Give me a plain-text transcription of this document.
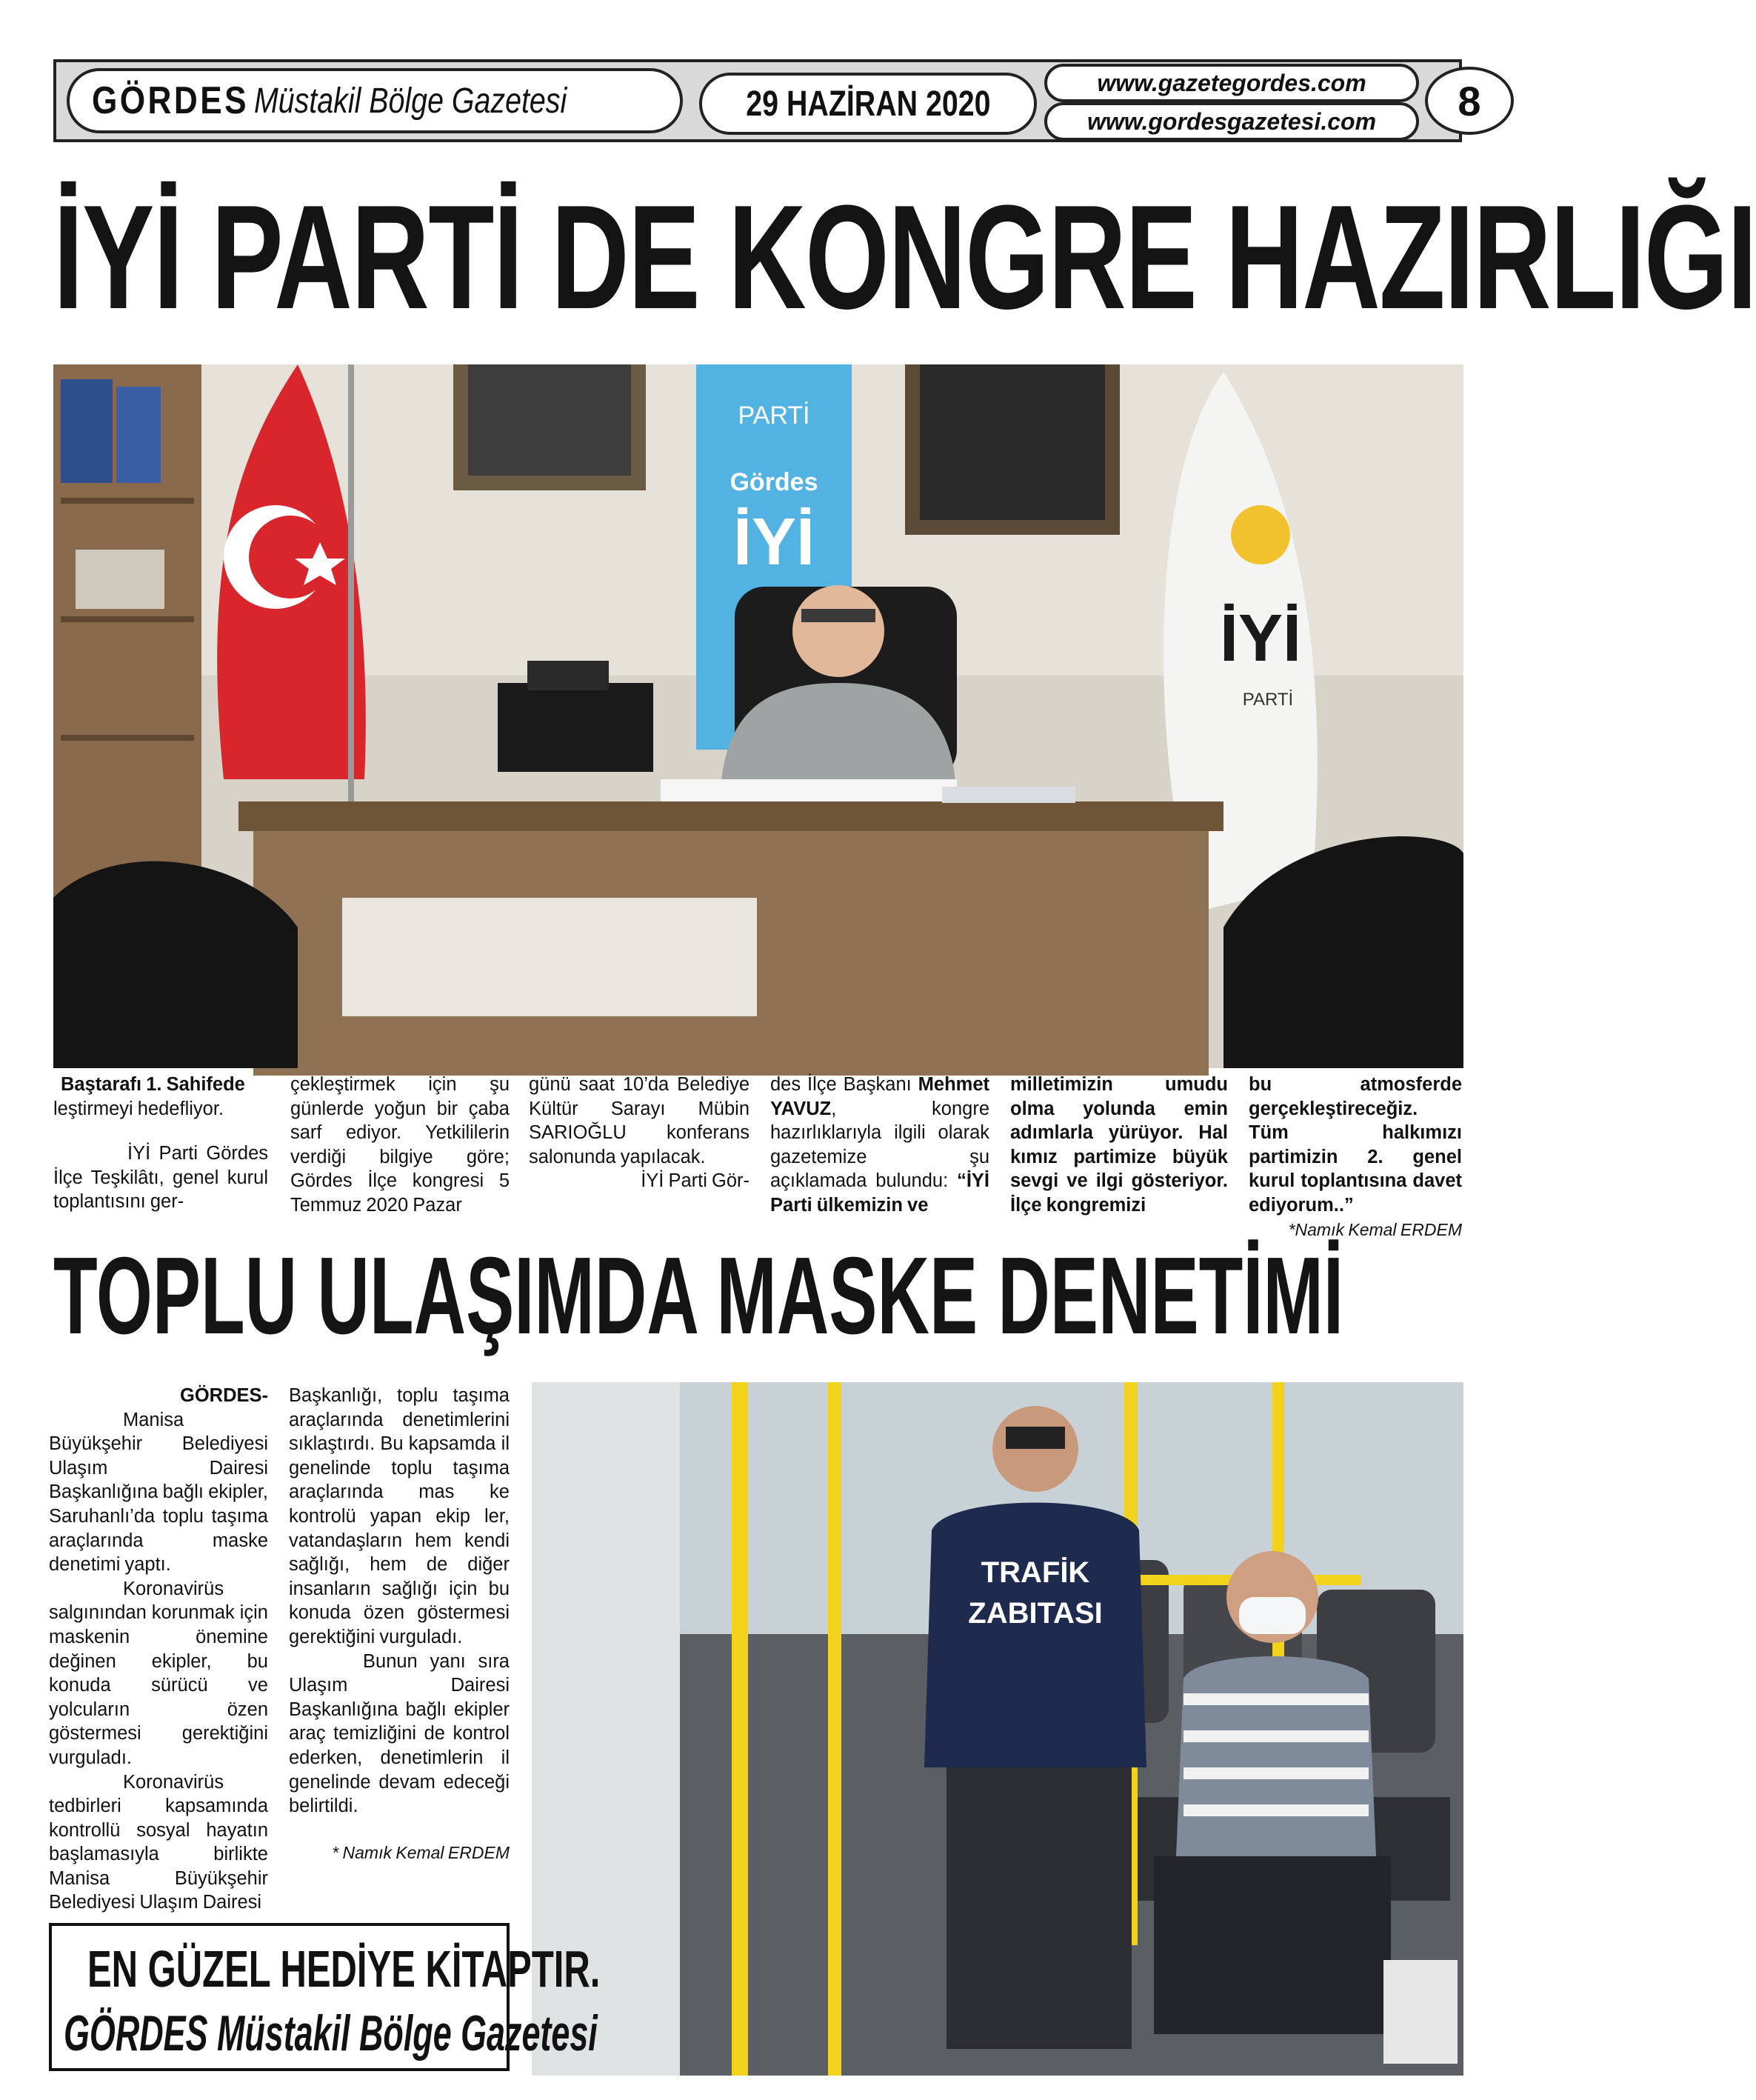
GÖRDES Müstakil Bölge Gazetesi	29 HAZİRAN 2020
www.gazetegordes.com
www.gordesgazetesi.com 8
İYİ PARTİ DE KONGRE HAZIRLIĞI
PARTİ
Gördes
İYİ
İYİ
PARTİ

Baştarafı 1. Sahifede

leştirmeyi hedefliyor.

İYİ Parti Gördes İlçe Teşkilâtı, genel kurul toplantısını ger-

çekleştirmek için şu günlerde yoğun bir çaba sarf ediyor. Yetkililerin verdiği bilgiye göre; Gördes İlçe kongresi 5 Temmuz 2020 Pazar

günü saat 10’da Belediye Kültür Sarayı Mübin SARIOĞLU konferans salonunda yapılacak.

İYİ Parti Gör-

des İlçe Başkanı Mehmet YAVUZ, kongre hazırlıklarıyla ilgili olarak gazetemize şu açıklamada bulundu: “İYİ Parti ülkemizin ve

milletimizin umudu olma yolunda emin adımlarla yürüyor. Hal kımız partimize büyük sevgi ve ilgi gösteriyor. İlçe kongremizi

bu atmosferde gerçekleştireceğiz. Tüm halkımızı partimizin 2. genel kurul toplantısına davet ediyorum..”

*Namık Kemal ERDEM

TOPLU ULAŞIMDA MASKE DENETİMİ

GÖRDES-

Manisa Büyükşehir Belediyesi Ulaşım Dairesi Başkanlığına bağlı ekipler, Saruhanlı’da toplu taşıma araçlarında maske denetimi yaptı.

Koronavirüs salgınından korunmak için maskenin önemine değinen ekipler, bu konuda sürücü ve yolcuların özen göstermesi gerektiğini vurguladı.

Koronavirüs tedbirleri kapsamında kontrollü sosyal hayatın başlamasıyla birlikte Manisa Büyükşehir Belediyesi Ulaşım Dairesi

Başkanlığı, toplu taşıma araçlarında denetimlerini sıklaştırdı. Bu kapsamda il genelinde toplu taşıma araçlarında mas ke kontrolü yapan ekip ler, vatandaşların hem kendi sağlığı, hem de diğer insanların sağlığı için bu konuda özen göstermesi gerektiğini vurguladı.

Bunun yanı sıra Ulaşım Dairesi Başkanlığına bağlı ekipler araç temizliğini de kontrol ederken, denetimlerin il genelinde devam edeceği belirtildi.

* Namık Kemal ERDEM

TRAFİK
ZABITASI
EN GÜZEL HEDİYE KİTAPTIR.
GÖRDES Müstakil Bölge Gazetesi
